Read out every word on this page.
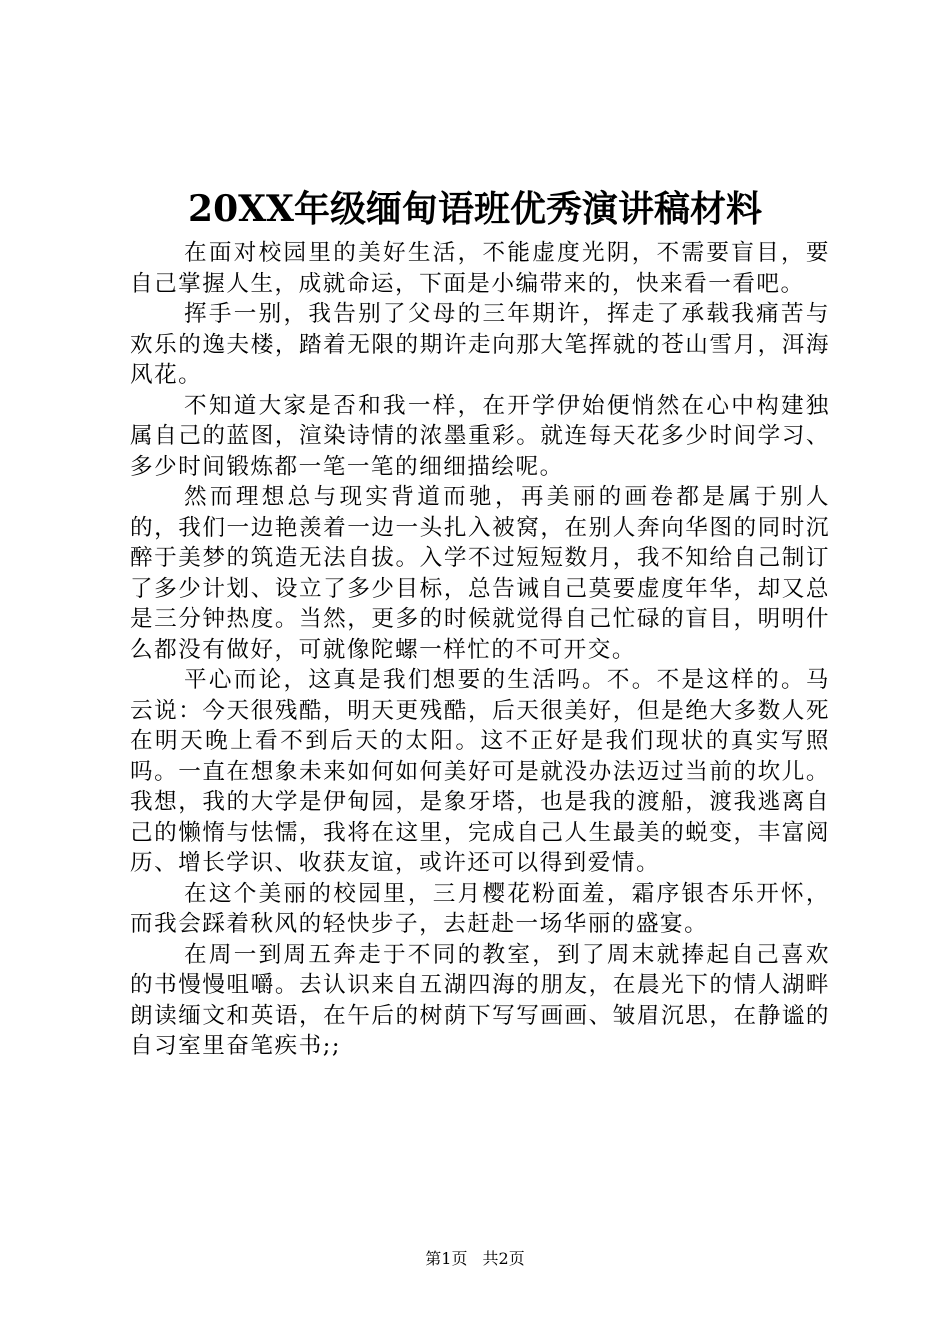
20XX年级缅甸语班优秀演讲稿材料

在面对校园里的美好生活，不能虚度光阴，不需要盲目，要自己掌握人生，成就命运，下面是小编带来的，快来看一看吧。

挥手一别，我告别了父母的三年期许，挥走了承载我痛苦与欢乐的逸夫楼，踏着无限的期许走向那大笔挥就的苍山雪月，洱海风花。

不知道大家是否和我一样，在开学伊始便悄然在心中构建独属自己的蓝图，渲染诗情的浓墨重彩。就连每天花多少时间学习、多少时间锻炼都一笔一笔的细细描绘呢。

然而理想总与现实背道而驰，再美丽的画卷都是属于别人的，我们一边艳羡着一边一头扎入被窝，在别人奔向华图的同时沉醉于美梦的筑造无法自拔。入学不过短短数月，我不知给自己制订了多少计划、设立了多少目标，总告诫自己莫要虚度年华，却又总是三分钟热度。当然，更多的时候就觉得自己忙碌的盲目，明明什么都没有做好，可就像陀螺一样忙的不可开交。

平心而论，这真是我们想要的生活吗。不。不是这样的。马云说：今天很残酷，明天更残酷，后天很美好，但是绝大多数人死在明天晚上看不到后天的太阳。这不正好是我们现状的真实写照吗。一直在想象未来如何如何美好可是就没办法迈过当前的坎儿。我想，我的大学是伊甸园，是象牙塔，也是我的渡船，渡我逃离自己的懒惰与怯懦，我将在这里，完成自己人生最美的蜕变，丰富阅历、增长学识、收获友谊，或许还可以得到爱情。

在这个美丽的校园里，三月樱花粉面羞，霜序银杏乐开怀，而我会踩着秋风的轻快步子，去赶赴一场华丽的盛宴。

在周一到周五奔走于不同的教室，到了周末就捧起自己喜欢的书慢慢咀嚼。去认识来自五湖四海的朋友，在晨光下的情人湖畔朗读缅文和英语，在午后的树荫下写写画画、皱眉沉思，在静谧的自习室里奋笔疾书;;

第1页 共2页
